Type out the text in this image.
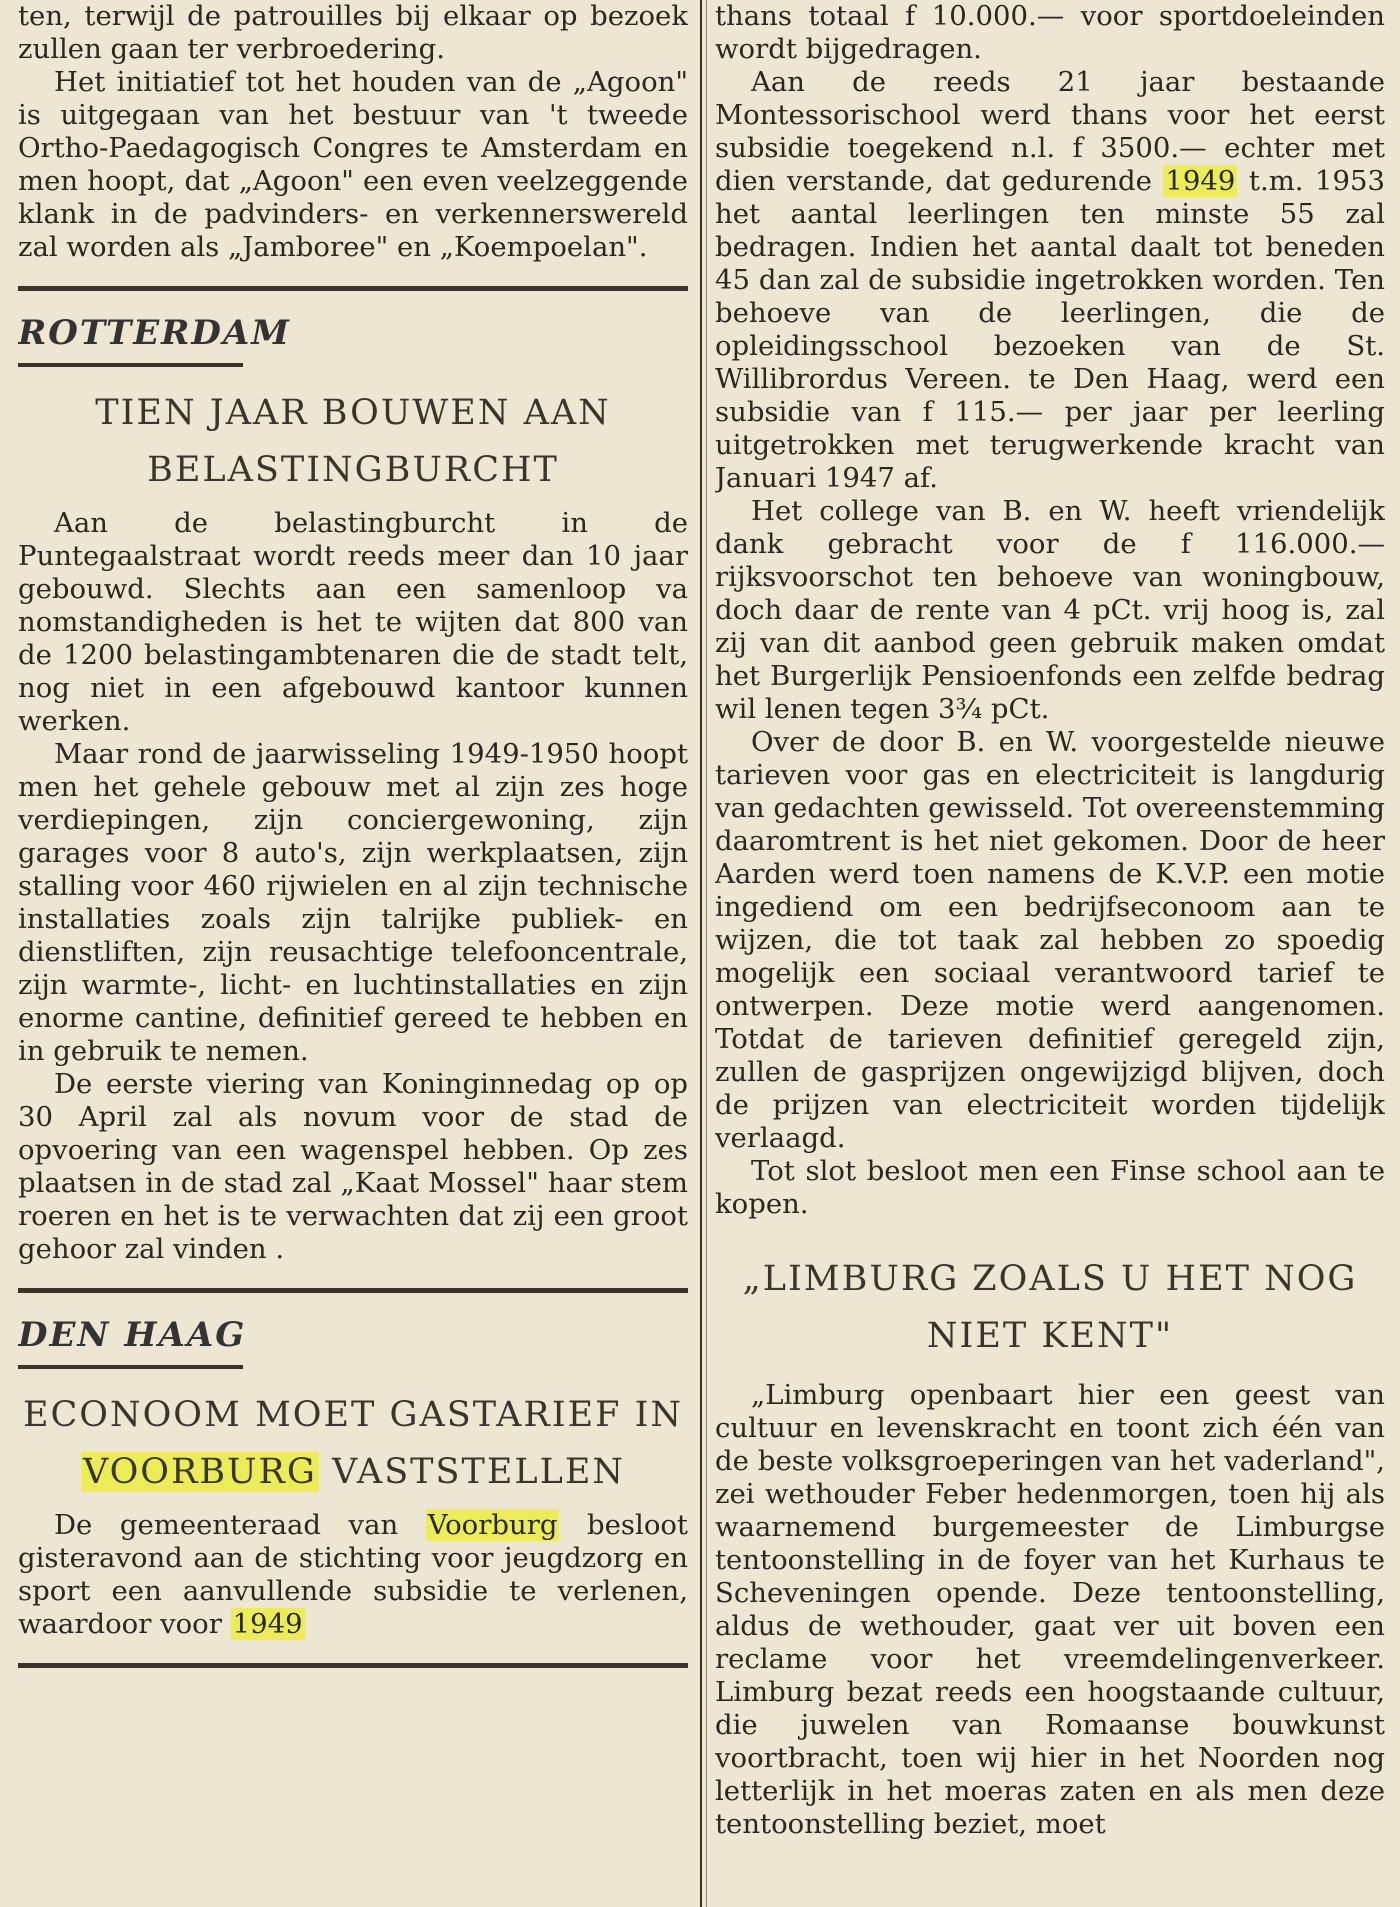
ten, terwijl de patrouilles bij elkaar op bezoek zullen gaan ter verbroedering.

Het initiatief tot het houden van de „Agoon" is uitgegaan van het bestuur van 't tweede Ortho-Paedagogisch Congres te Amsterdam en men hoopt, dat „Agoon" een even veelzeggende klank in de padvinders- en verkennerswereld zal worden als „Jamboree" en „Koempoelan".

ROTTERDAM
TIEN JAAR BOUWEN AAN BELASTINGBURCHT

Aan de belastingburcht in de Puntegaalstraat wordt reeds meer dan 10 jaar gebouwd. Slechts aan een samenloop va nomstandigheden is het te wijten dat 800 van de 1200 belastingambtenaren die de stadt telt, nog niet in een afgebouwd kantoor kunnen werken.

Maar rond de jaarwisseling 1949-1950 hoopt men het gehele gebouw met al zijn zes hoge verdiepingen, zijn conciergewoning, zijn garages voor 8 auto's, zijn werkplaatsen, zijn stalling voor 460 rijwielen en al zijn technische installaties zoals zijn talrijke publiek- en dienstliften, zijn reusachtige telefooncentrale, zijn warmte-, licht- en luchtinstallaties en zijn enorme cantine, definitief gereed te hebben en in gebruik te nemen.

De eerste viering van Koninginnedag op op 30 April zal als novum voor de stad de opvoering van een wagenspel hebben. Op zes plaatsen in de stad zal „Kaat Mossel" haar stem roeren en het is te verwachten dat zij een groot gehoor zal vinden .

DEN HAAG
ECONOOM MOET GASTARIEF IN VOORBURG VASTSTELLEN

De gemeenteraad van Voorburg besloot gisteravond aan de stichting voor jeugdzorg en sport een aanvullende subsidie te verlenen, waardoor voor 1949

thans totaal f 10.000.— voor sportdoeleinden wordt bijgedragen.

Aan de reeds 21 jaar bestaande Montessorischool werd thans voor het eerst subsidie toegekend n.l. f 3500.— echter met dien verstande, dat gedurende 1949 t.m. 1953 het aantal leerlingen ten minste 55 zal bedragen. Indien het aantal daalt tot beneden 45 dan zal de subsidie ingetrokken worden. Ten behoeve van de leerlingen, die de opleidingsschool bezoeken van de St. Willibrordus Vereen. te Den Haag, werd een subsidie van f 115.— per jaar per leerling uitgetrokken met terugwerkende kracht van Januari 1947 af.

Het college van B. en W. heeft vriendelijk dank gebracht voor de f 116.000.— rijksvoorschot ten behoeve van woningbouw, doch daar de rente van 4 pCt. vrij hoog is, zal zij van dit aanbod geen gebruik maken omdat het Burgerlijk Pensioenfonds een zelfde bedrag wil lenen tegen 3¾ pCt.

Over de door B. en W. voorgestelde nieuwe tarieven voor gas en electriciteit is langdurig van gedachten gewisseld. Tot overeenstemming daaromtrent is het niet gekomen. Door de heer Aarden werd toen namens de K.V.P. een motie ingediend om een bedrijfseconoom aan te wijzen, die tot taak zal hebben zo spoedig mogelijk een sociaal verantwoord tarief te ontwerpen. Deze motie werd aangenomen. Totdat de tarieven definitief geregeld zijn, zullen de gasprijzen ongewijzigd blijven, doch de prijzen van electriciteit worden tijdelijk verlaagd.

Tot slot besloot men een Finse school aan te kopen.

„LIMBURG ZOALS U HET NOG NIET KENT"

„Limburg openbaart hier een geest van cultuur en levenskracht en toont zich één van de beste volksgroeperingen van het vaderland", zei wethouder Feber hedenmorgen, toen hij als waarnemend burgemeester de Limburgse tentoonstelling in de foyer van het Kurhaus te Scheveningen opende. Deze tentoonstelling, aldus de wethouder, gaat ver uit boven een reclame voor het vreemdelingenverkeer. Limburg bezat reeds een hoogstaande cultuur, die juwelen van Romaanse bouwkunst voortbracht, toen wij hier in het Noorden nog letterlijk in het moeras zaten en als men deze tentoonstelling beziet, moet
